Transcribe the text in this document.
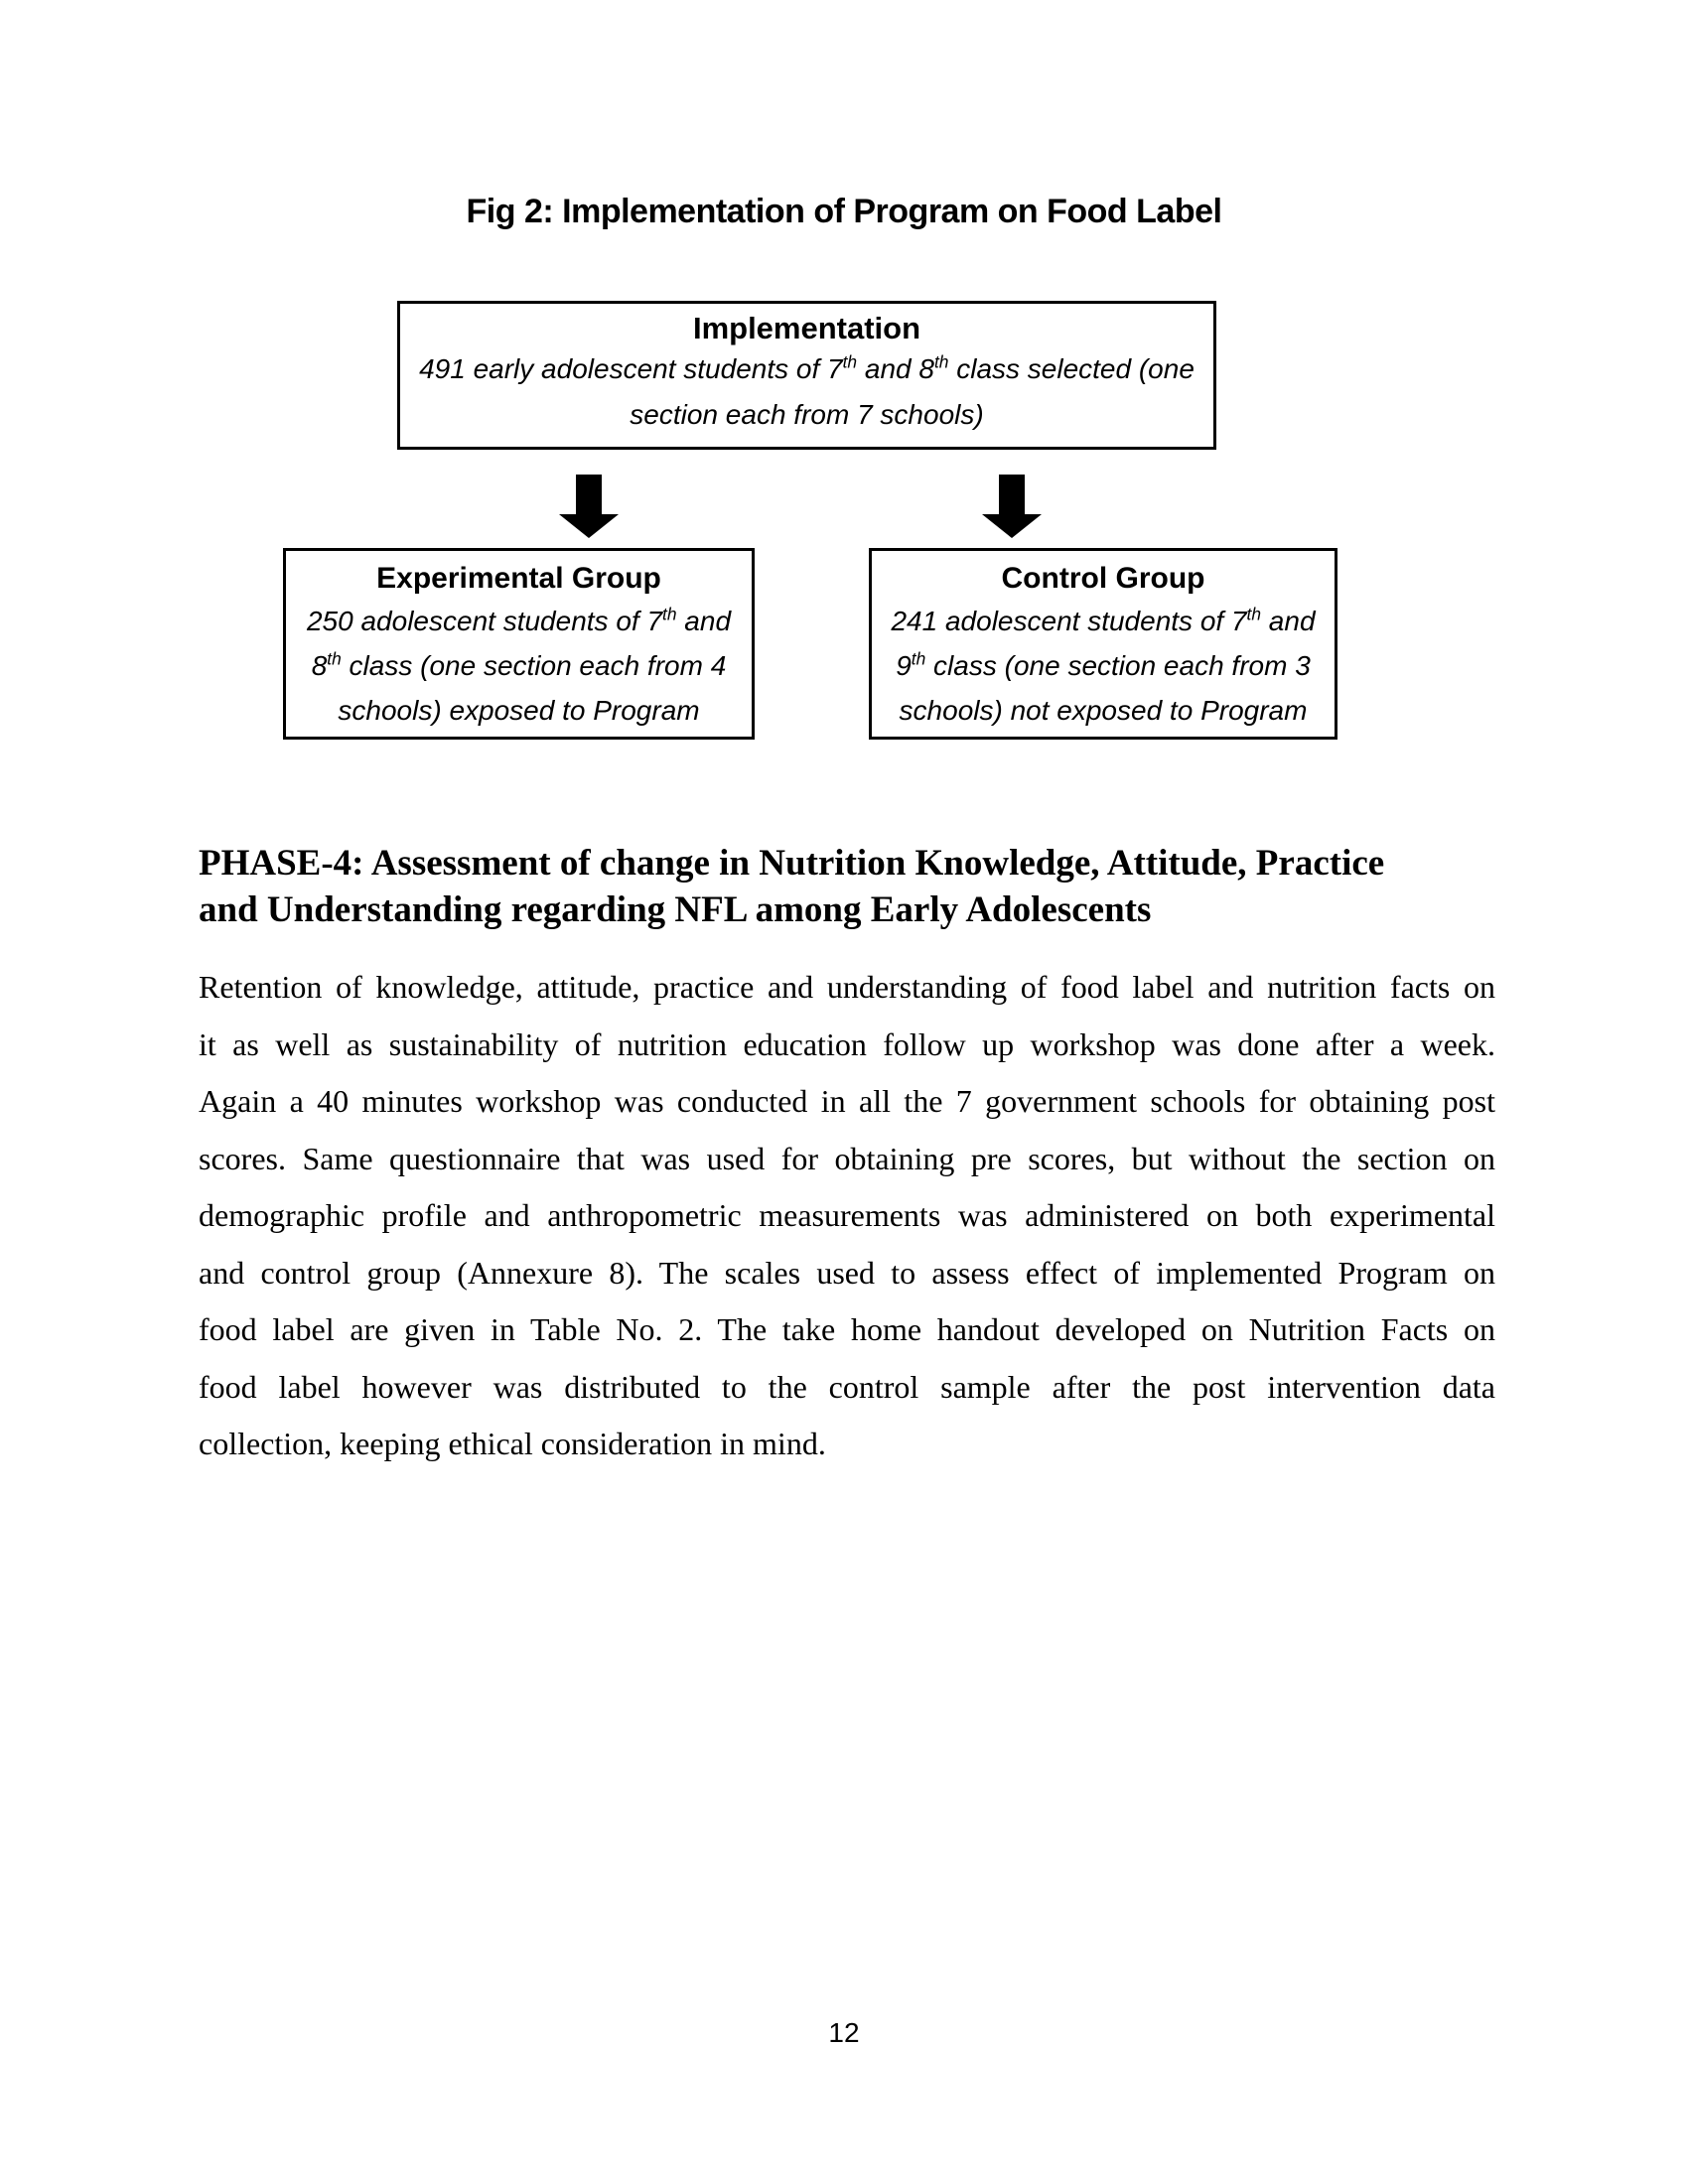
Fig 2: Implementation of Program on Food Label
Implementation
491 early adolescent students of 7th and 8th class selected (one
section each from 7 schools)
Experimental Group
250 adolescent students of 7th and
8th class (one section each from 4
schools) exposed to Program
Control Group
241 adolescent students of 7th and
9th class (one section each from 3
schools) not exposed to Program
PHASE-4: Assessment of change in Nutrition Knowledge, Attitude, Practice
and Understanding regarding NFL among Early Adolescents
Retention of knowledge, attitude, practice and understanding of food label and nutrition facts on
it as well as sustainability of nutrition education follow up workshop was done after a week.
Again a 40 minutes workshop was conducted in all the 7 government schools for obtaining post
scores. Same questionnaire that was used for obtaining pre scores, but without the section on
demographic profile and anthropometric measurements was administered on both experimental
and control group (Annexure 8). The scales used to assess effect of implemented Program on
food label are given in Table No. 2. The take home handout developed on Nutrition Facts on
food label however was distributed to the control sample after the post intervention data
collection, keeping ethical consideration in mind.
12
